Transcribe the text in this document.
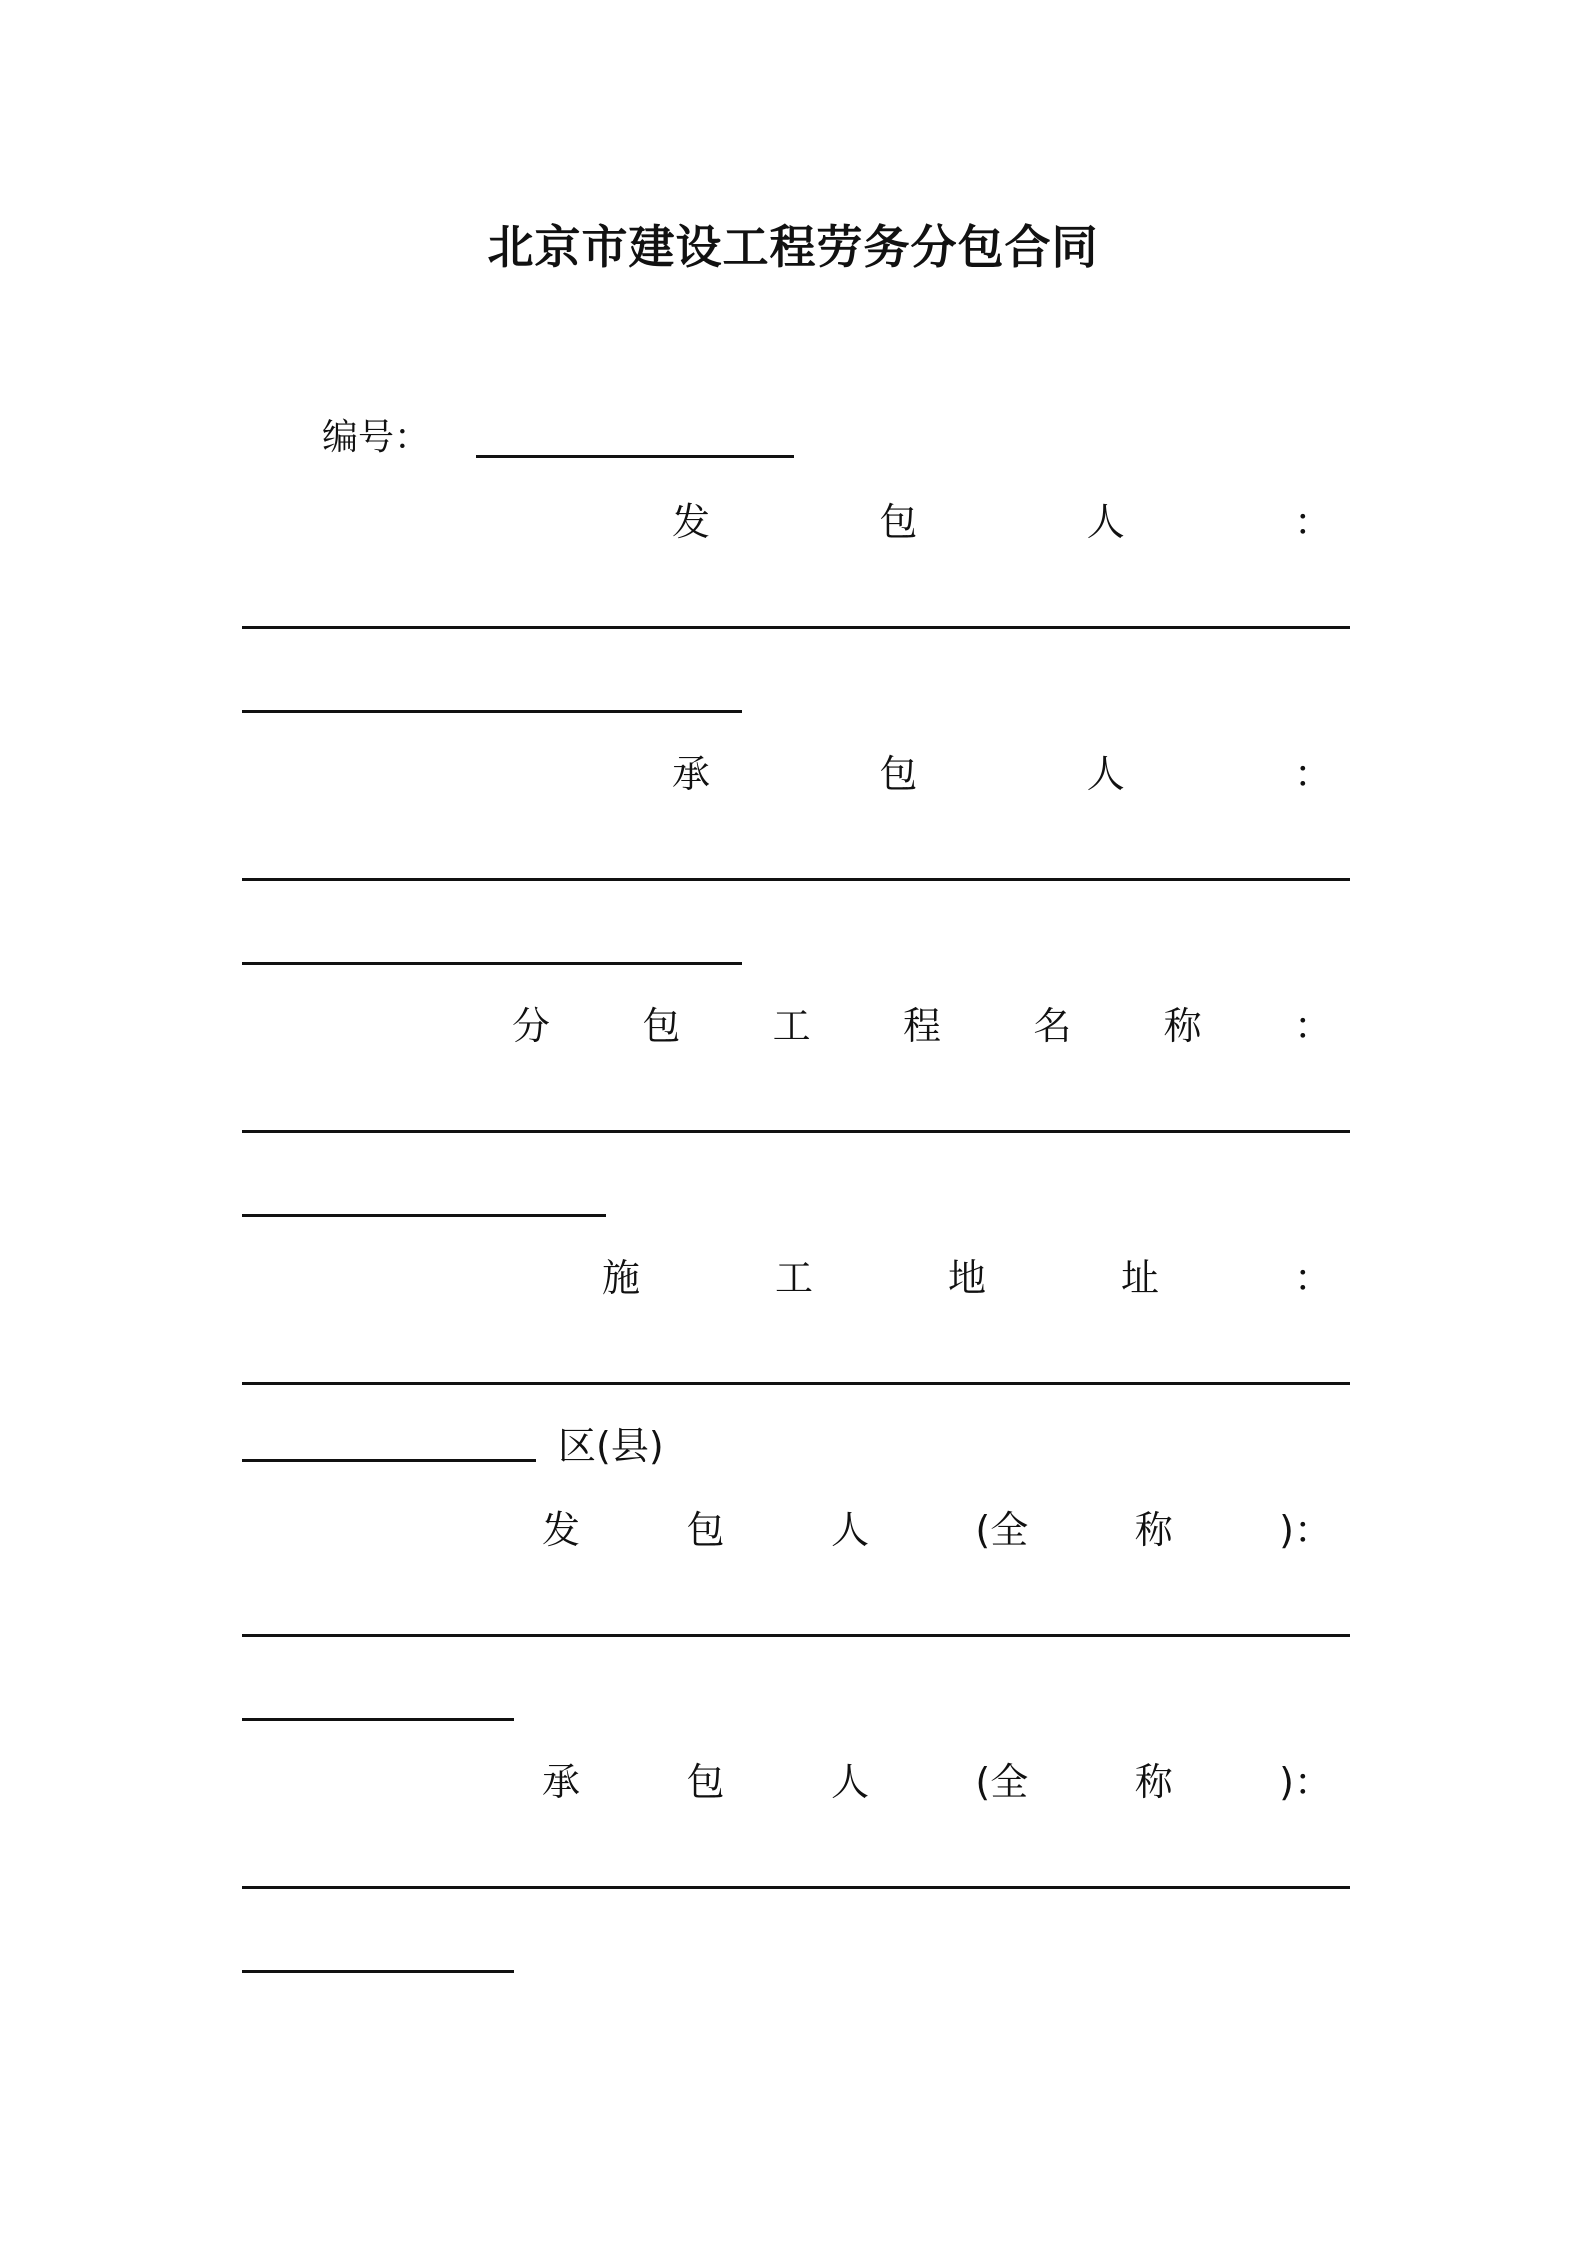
北京市建设工程劳务分包合同
编号：
发	包	人	：
承	包	人	：
分 包 工 程 名 称 ：
施	工	地	址	：
区(县)
发	包	人	(全	称	)：
承	包	人	(全	称	)：
